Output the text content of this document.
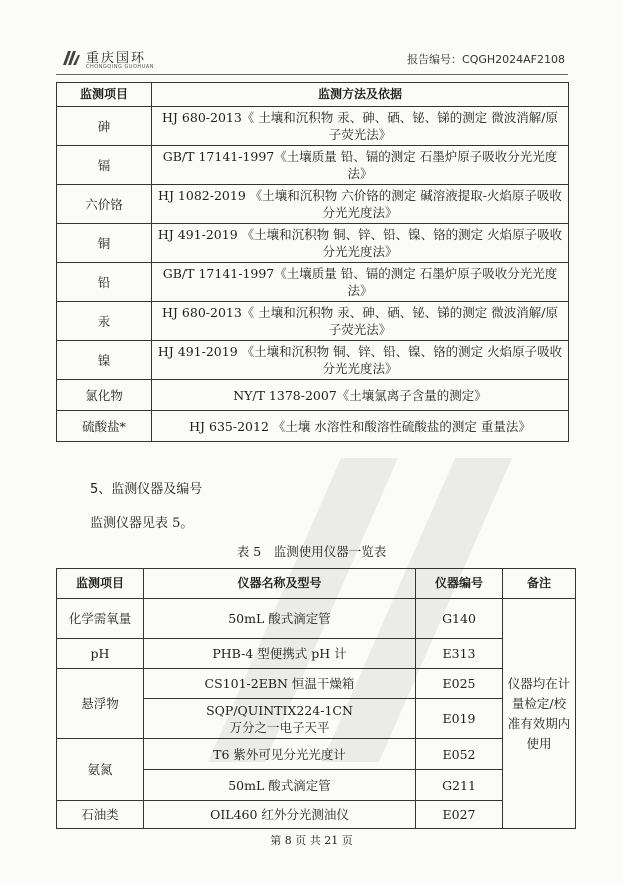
重庆国环
CHONGQING GUOHUAN
报告编号：CQGH2024AF2108
监测项目	监测方法及依据
砷	HJ 680-2013《 土壤和沉积物 汞、砷、硒、铋、锑的测定 微波消解/原子荧光法》
镉	GB/T 17141-1997《土壤质量 铅、镉的测定 石墨炉原子吸收分光光度法》
六价铬	HJ 1082-2019 《土壤和沉积物 六价铬的测定 碱溶液提取-火焰原子吸收分光光度法》
铜	HJ 491-2019 《土壤和沉积物 铜、锌、铅、镍、铬的测定 火焰原子吸收分光光度法》
铅	GB/T 17141-1997《土壤质量 铅、镉的测定 石墨炉原子吸收分光光度法》
汞	HJ 680-2013《 土壤和沉积物 汞、砷、硒、铋、锑的测定 微波消解/原子荧光法》
镍	HJ 491-2019 《土壤和沉积物 铜、锌、铅、镍、铬的测定 火焰原子吸收分光光度法》
氯化物	NY/T 1378-2007《土壤氯离子含量的测定》
硫酸盐*	HJ 635-2012 《土壤 水溶性和酸溶性硫酸盐的测定 重量法》
5、监测仪器及编号
监测仪器见表 5。
表 5　监测使用仪器一览表
监测项目	仪器名称及型号	仪器编号	备注
化学需氧量	50mL 酸式滴定管	G140	仪器均在计量检定/校准有效期内使用
pH	PHB-4 型便携式 pH 计	E313	
悬浮物	CS101-2EBN 恒温干燥箱	E025	
	SQP/QUINTIX224-1CN 万分之一电子天平	E019	
氨氮	T6 紫外可见分光光度计	E052	
	50mL 酸式滴定管	G211	
石油类	OIL460 红外分光测油仪	E027	
第 8 页 共 21 页
